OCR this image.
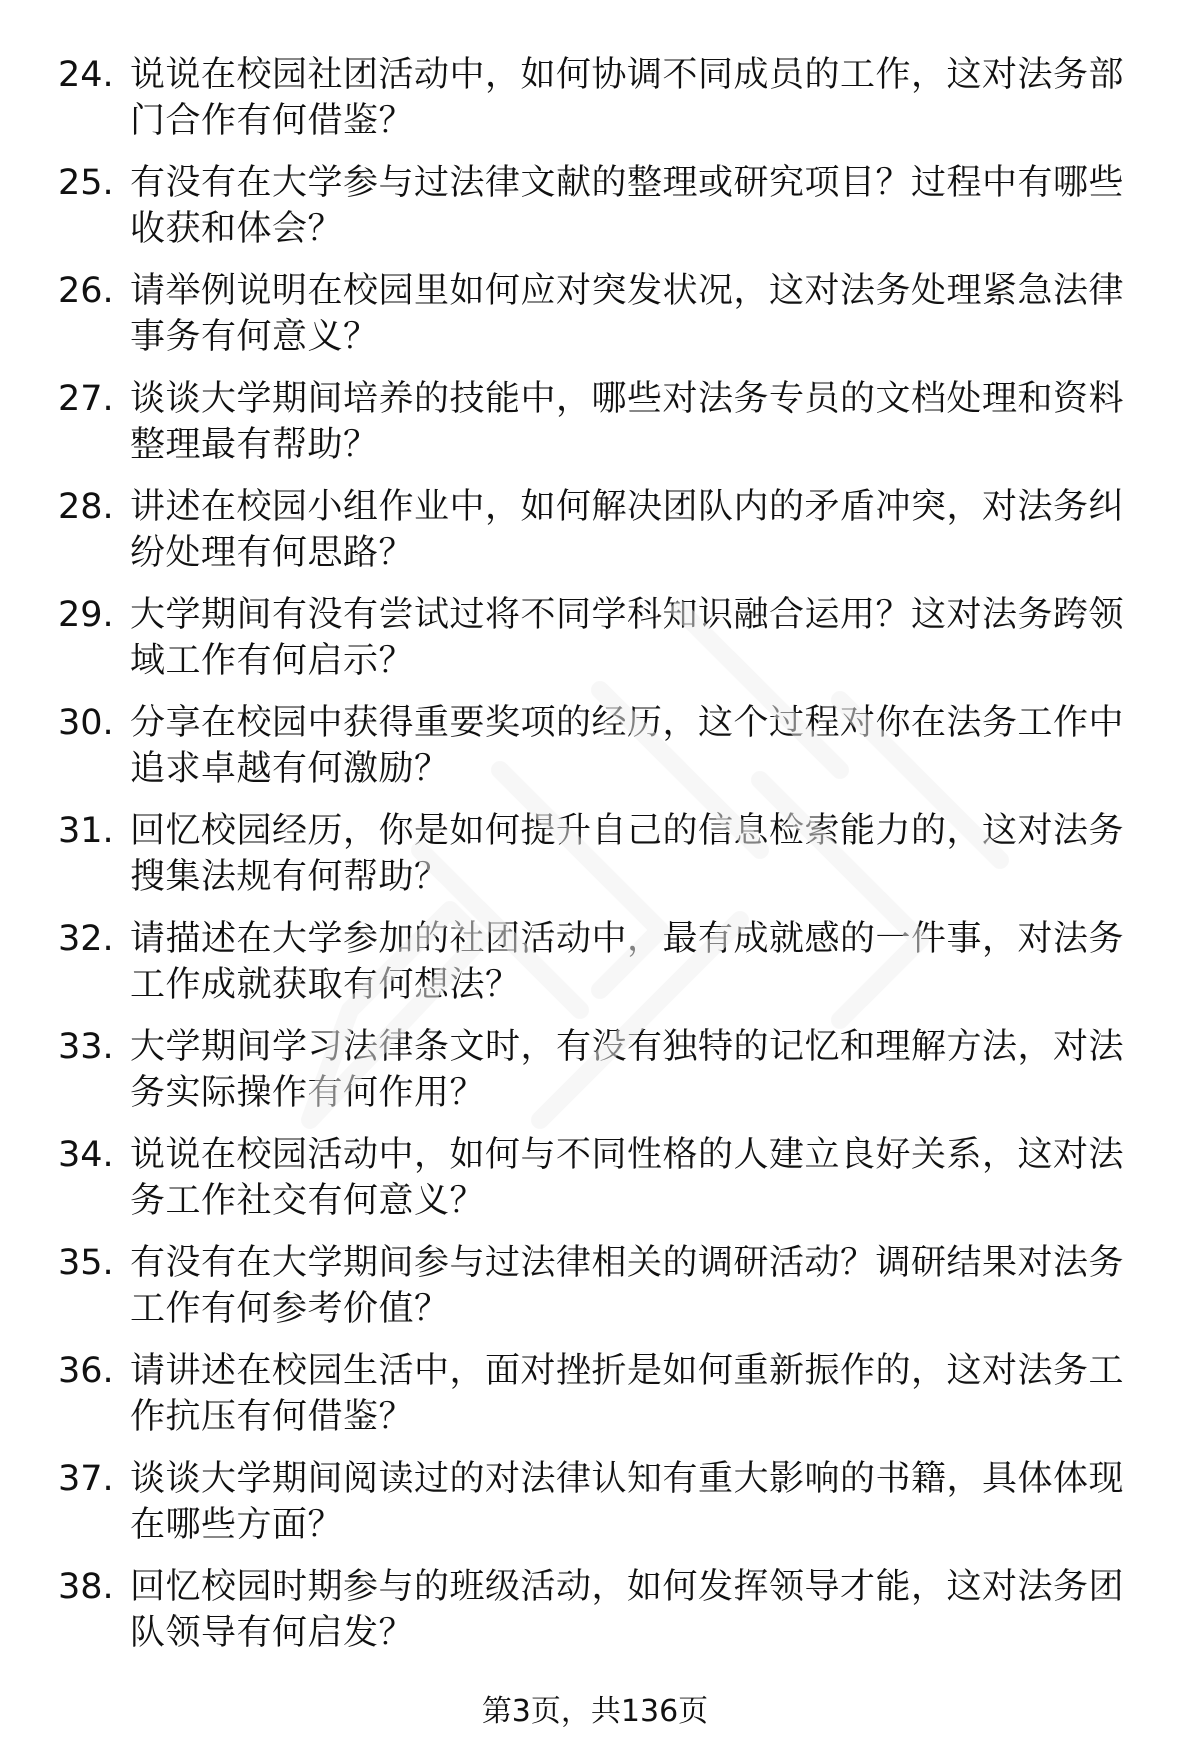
24. 说说在校园社团活动中，如何协调不同成员的工作，这对法务部门合作有何借鉴？
25. 有没有在大学参与过法律文献的整理或研究项目？过程中有哪些收获和体会？
26. 请举例说明在校园里如何应对突发状况，这对法务处理紧急法律事务有何意义？
27. 谈谈大学期间培养的技能中，哪些对法务专员的文档处理和资料整理最有帮助？
28. 讲述在校园小组作业中，如何解决团队内的矛盾冲突，对法务纠纷处理有何思路？
29. 大学期间有没有尝试过将不同学科知识融合运用？这对法务跨领域工作有何启示？
30. 分享在校园中获得重要奖项的经历，这个过程对你在法务工作中追求卓越有何激励？
31. 回忆校园经历，你是如何提升自己的信息检索能力的，这对法务搜集法规有何帮助？
32. 请描述在大学参加的社团活动中，最有成就感的一件事，对法务工作成就获取有何想法？
33. 大学期间学习法律条文时，有没有独特的记忆和理解方法，对法务实际操作有何作用？
34. 说说在校园活动中，如何与不同性格的人建立良好关系，这对法务工作社交有何意义？
35. 有没有在大学期间参与过法律相关的调研活动？调研结果对法务工作有何参考价值？
36. 请讲述在校园生活中，面对挫折是如何重新振作的，这对法务工作抗压有何借鉴？
37. 谈谈大学期间阅读过的对法律认知有重大影响的书籍，具体体现在哪些方面？
38. 回忆校园时期参与的班级活动，如何发挥领导才能，这对法务团队领导有何启发？
第3页，共136页
